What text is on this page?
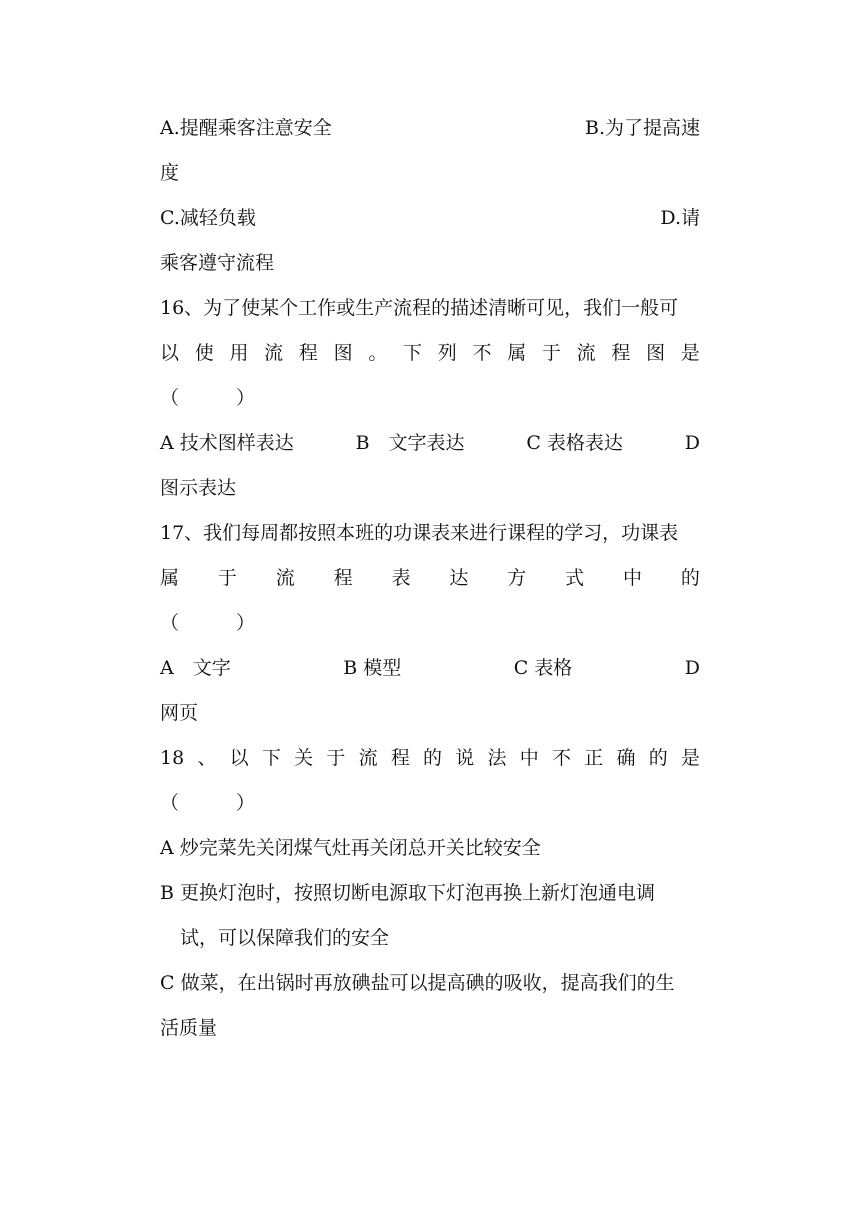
A.提醒乘客注意安全	B.为了提高速
度
C.减轻负载	D.请
乘客遵守流程
16、为了使某个工作或生产流程的描述清晰可见，我们一般可
以 使 用 流 程 图 。 下 列 不 属 于 流 程 图 是
（　　　）
A 技术图样表达	B　文字表达	C 表格表达	D
图示表达
17、我们每周都按照本班的功课表来进行课程的学习，功课表
属 于 流 程 表 达 方 式 中 的
（　　　）
A　文字	B 模型	C 表格	D
网页
18 、 以 下 关 于 流 程 的 说 法 中 不 正 确 的 是
（　　　）
A 炒完菜先关闭煤气灶再关闭总开关比较安全
B 更换灯泡时，按照切断电源取下灯泡再换上新灯泡通电调
试，可以保障我们的安全
C 做菜，在出锅时再放碘盐可以提高碘的吸收，提高我们的生
活质量
